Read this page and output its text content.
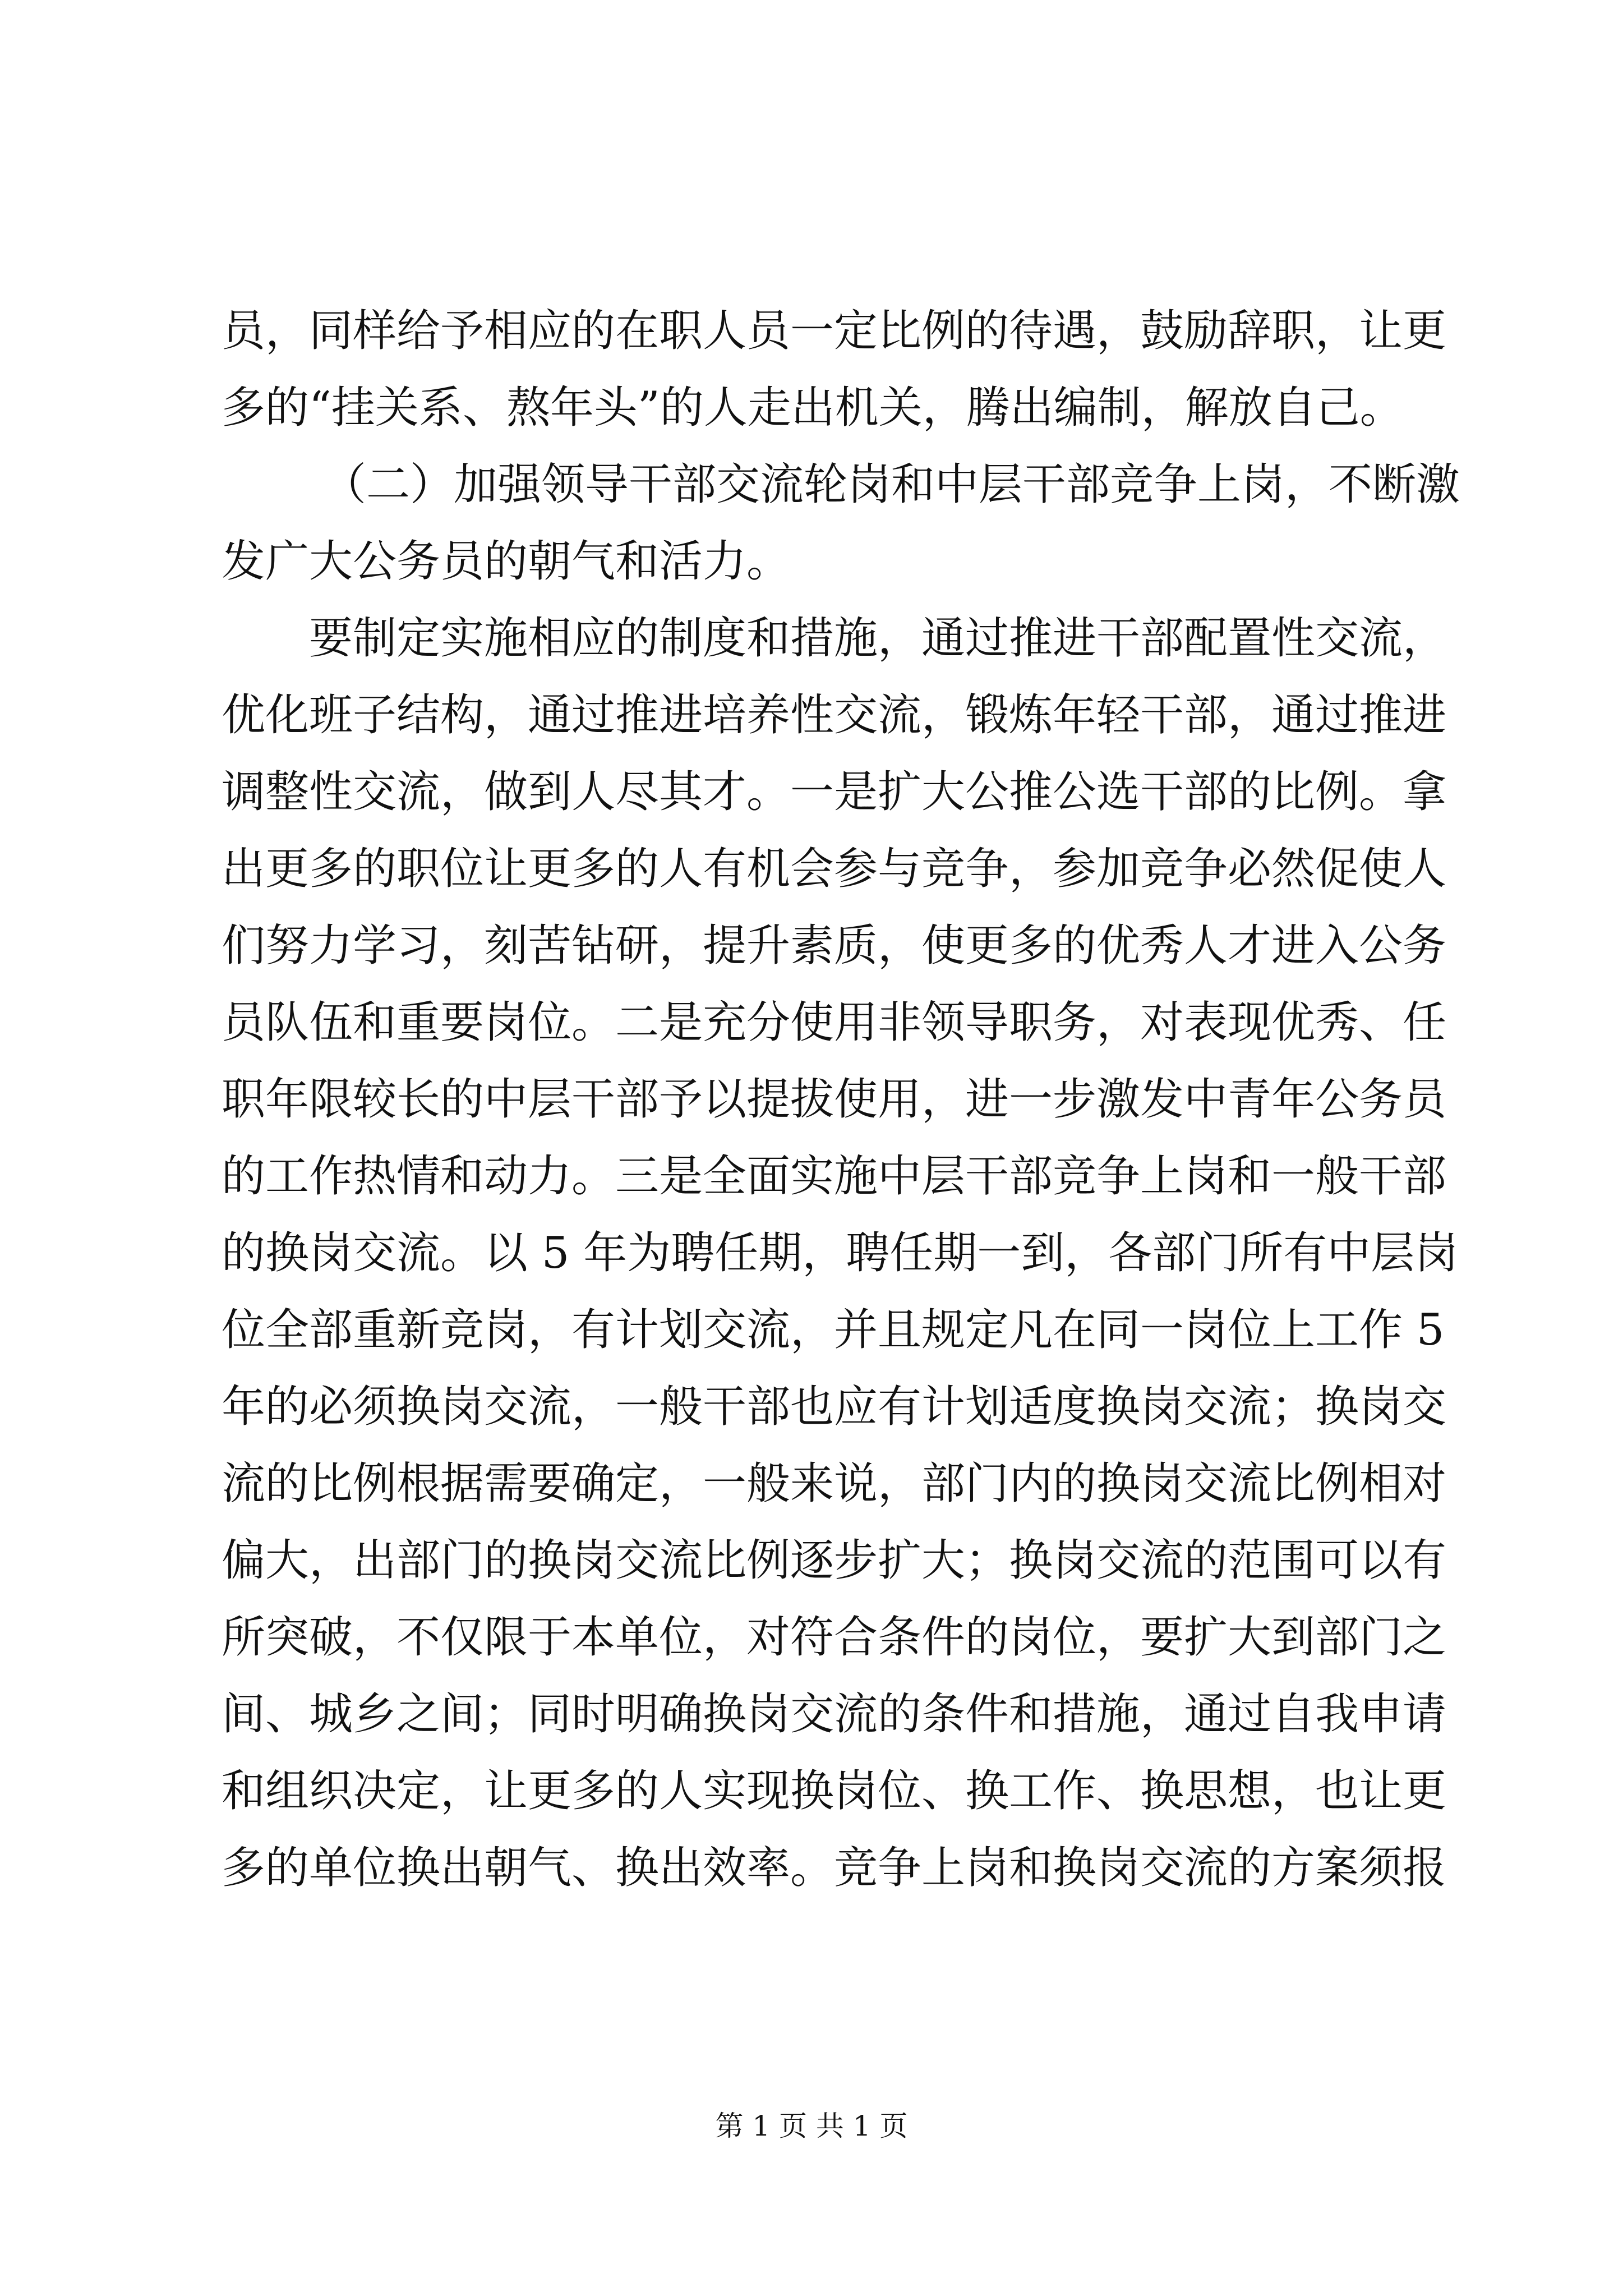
员，同样给予相应的在职人员一定比例的待遇，鼓励辞职，让更
多的“挂关系、熬年头”的人走出机关，腾出编制，解放自己。
（二）加强领导干部交流轮岗和中层干部竞争上岗，不断激
发广大公务员的朝气和活力。
要制定实施相应的制度和措施，通过推进干部配置性交流，
优化班子结构，通过推进培养性交流，锻炼年轻干部，通过推进
调整性交流，做到人尽其才。一是扩大公推公选干部的比例。拿
出更多的职位让更多的人有机会参与竞争，参加竞争必然促使人
们努力学习，刻苦钻研，提升素质，使更多的优秀人才进入公务
员队伍和重要岗位。二是充分使用非领导职务，对表现优秀、任
职年限较长的中层干部予以提拔使用，进一步激发中青年公务员
的工作热情和动力。三是全面实施中层干部竞争上岗和一般干部
的换岗交流。以 5 年为聘任期，聘任期一到，各部门所有中层岗
位全部重新竞岗，有计划交流，并且规定凡在同一岗位上工作 5
年的必须换岗交流，一般干部也应有计划适度换岗交流；换岗交
流的比例根据需要确定，一般来说，部门内的换岗交流比例相对
偏大，出部门的换岗交流比例逐步扩大；换岗交流的范围可以有
所突破，不仅限于本单位，对符合条件的岗位，要扩大到部门之
间、城乡之间；同时明确换岗交流的条件和措施，通过自我申请
和组织决定，让更多的人实现换岗位、换工作、换思想，也让更
多的单位换出朝气、换出效率。竞争上岗和换岗交流的方案须报
第 1 页 共 1 页
